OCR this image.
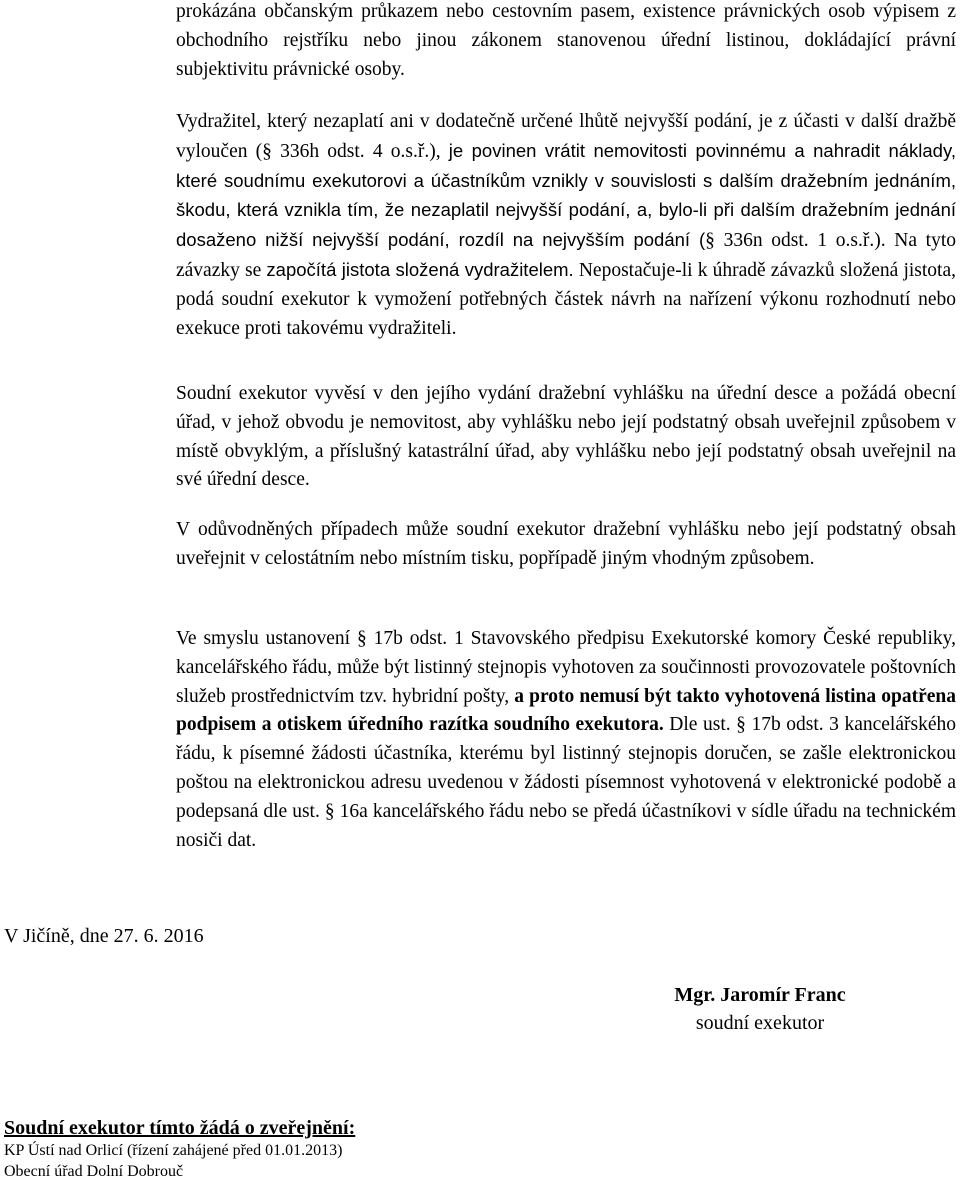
prokázána občanským průkazem nebo cestovním pasem, existence právnických osob výpisem z obchodního rejstříku nebo jinou zákonem stanovenou úřední listinou, dokládající právní subjektivitu právnické osoby.

Vydražitel, který nezaplatí ani v dodatečně určené lhůtě nejvyšší podání, je z účasti v další dražbě vyloučen (§ 336h odst. 4 o.s.ř.), je povinen vrátit nemovitosti povinnému a nahradit náklady, které soudnímu exekutorovi a účastníkům vznikly v souvislosti s dalším dražebním jednáním, škodu, která vznikla tím, že nezaplatil nejvyšší podání, a, bylo-li při dalším dražebním jednání dosaženo nižší nejvyšší podání, rozdíl na nejvyšším podání (§ 336n odst. 1 o.s.ř.). Na tyto závazky se započítá jistota složená vydražitelem. Nepostačuje-li k úhradě závazků složená jistota, podá soudní exekutor k vymožení potřebných částek návrh na nařízení výkonu rozhodnutí nebo exekuce proti takovému vydražiteli.

Soudní exekutor vyvěsí v den jejího vydání dražební vyhlášku na úřední desce a požádá obecní úřad, v jehož obvodu je nemovitost, aby vyhlášku nebo její podstatný obsah uveřejnil způsobem v místě obvyklým, a příslušný katastrální úřad, aby vyhlášku nebo její podstatný obsah uveřejnil na své úřední desce.

V odůvodněných případech může soudní exekutor dražební vyhlášku nebo její podstatný obsah uveřejnit v celostátním nebo místním tisku, popřípadě jiným vhodným způsobem.

Ve smyslu ustanovení § 17b odst. 1 Stavovského předpisu Exekutorské komory České republiky, kancelářského řádu, může být listinný stejnopis vyhotoven za součinnosti provozovatele poštovních služeb prostřednictvím tzv. hybridní pošty, a proto nemusí být takto vyhotovená listina opatřena podpisem a otiskem úředního razítka soudního exekutora. Dle ust. § 17b odst. 3 kancelářského řádu, k písemné žádosti účastníka, kterému byl listinný stejnopis doručen, se zašle elektronickou poštou na elektronickou adresu uvedenou v žádosti písemnost vyhotovená v elektronické podobě a podepsaná dle ust. § 16a kancelářského řádu nebo se předá účastníkovi v sídle úřadu na technickém nosiči dat.

V Jičíně, dne 27. 6. 2016

Mgr. Jaromír Franc
soudní exekutor

Soudní exekutor tímto žádá o zveřejnění:

KP Ústí nad Orlicí (řízení zahájené před 01.01.2013)

Obecní úřad Dolní Dobrouč
